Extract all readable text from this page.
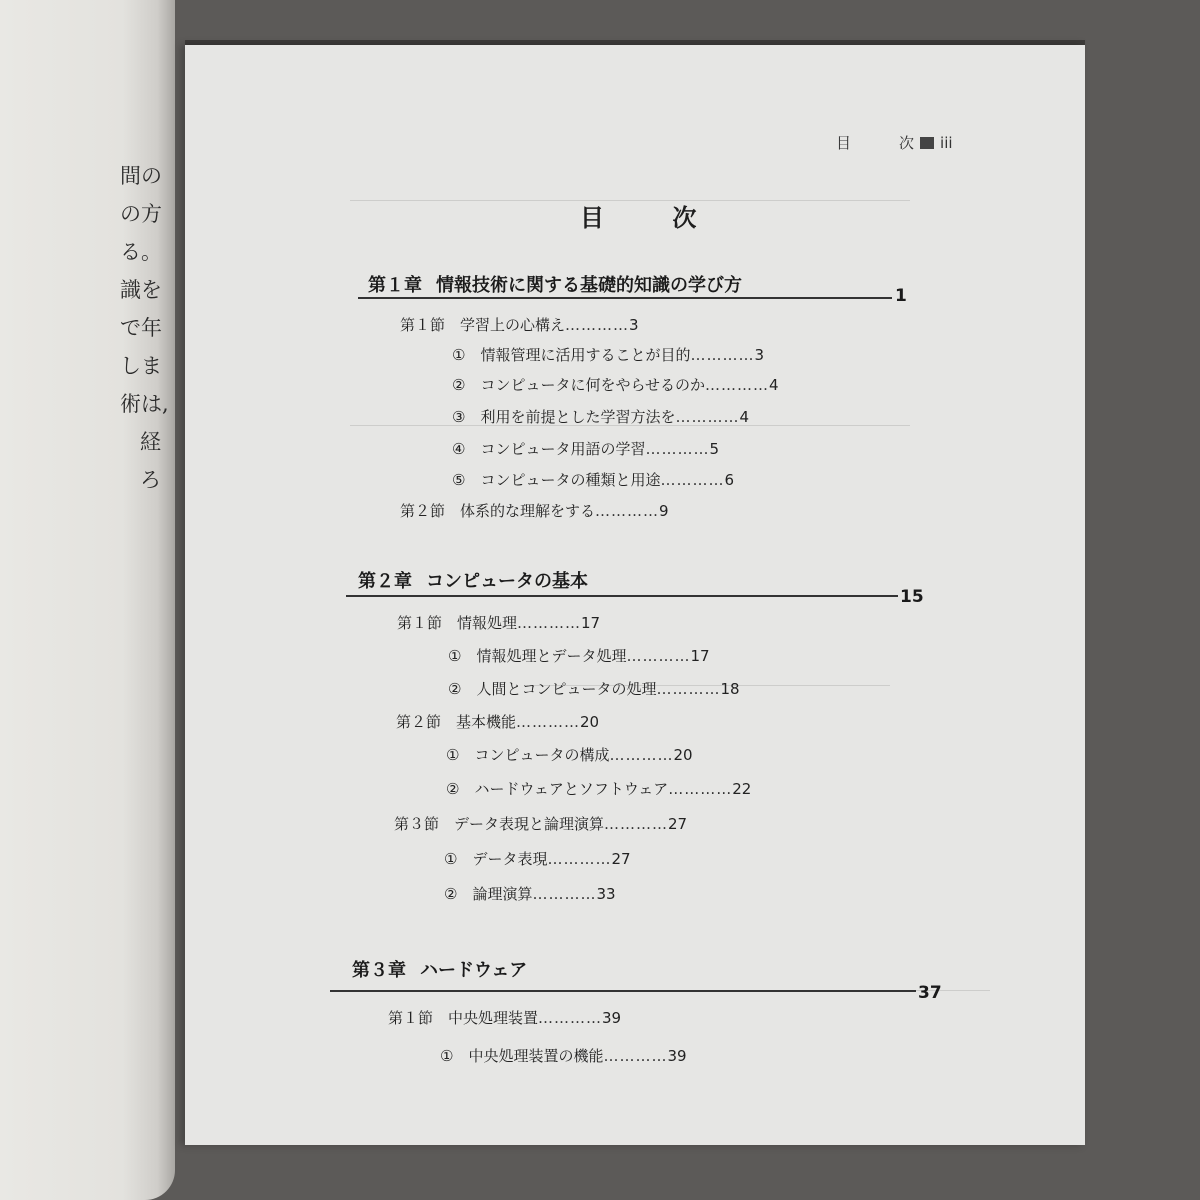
間の
の方
る。
識を
で年
しま
術は,
経
ろ
目	次 iii
目 次
第１章 情報技術に関する基礎的知識の学び方	1
第１節　学習上の心構え…………3
①　情報管理に活用することが目的…………3
②　コンピュータに何をやらせるのか…………4
③　利用を前提とした学習方法を…………4
④　コンピュータ用語の学習…………5
⑤　コンピュータの種類と用途…………6
第２節　体系的な理解をする…………9
第２章 コンピュータの基本
15
第１節　情報処理…………17
①　情報処理とデータ処理…………17
②　人間とコンピュータの処理…………18
第２節　基本機能…………20
①　コンピュータの構成…………20
②　ハードウェアとソフトウェア…………22
第３節　データ表現と論理演算…………27
①　データ表現…………27
②　論理演算…………33
第３章 ハードウェア
37
第１節　中央処理装置…………39
①　中央処理装置の機能…………39
